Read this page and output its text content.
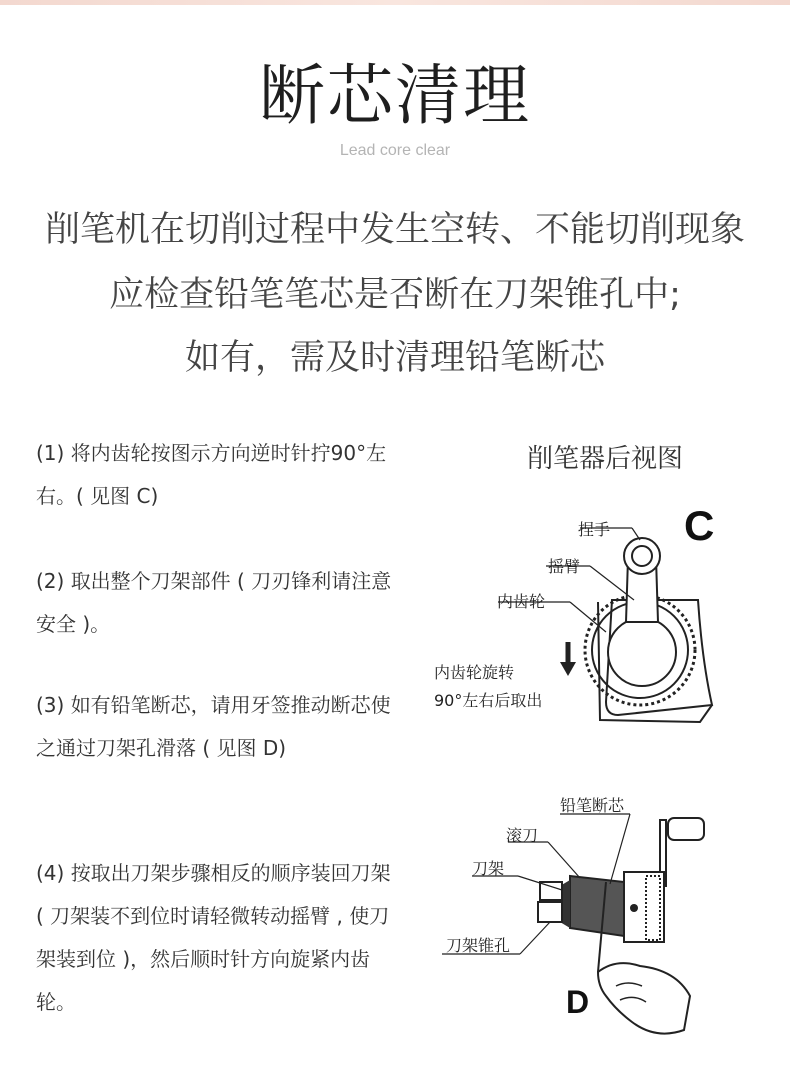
断芯清理
Lead core clear
削笔机在切削过程中发生空转、不能切削现象
应检查铅笔笔芯是否断在刀架锥孔中;
如有，需及时清理铅笔断芯
(1) 将内齿轮按图示方向逆时针拧90°左右。( 见图 C)
(2) 取出整个刀架部件 ( 刀刃锋利请注意安全 )。
(3) 如有铅笔断芯，请用牙签推动断芯使之通过刀架孔滑落 ( 见图 D)
(4) 按取出刀架步骤相反的顺序装回刀架 ( 刀架装不到位时请轻微转动摇臂 , 使刀架装到位 )，然后顺时针方向旋紧内齿轮。
削笔器后视图
捏手
摇臂
内齿轮
内齿轮旋转
90°左右后取出
C
铅笔断芯
滚刀
刀架
刀架锥孔
D
